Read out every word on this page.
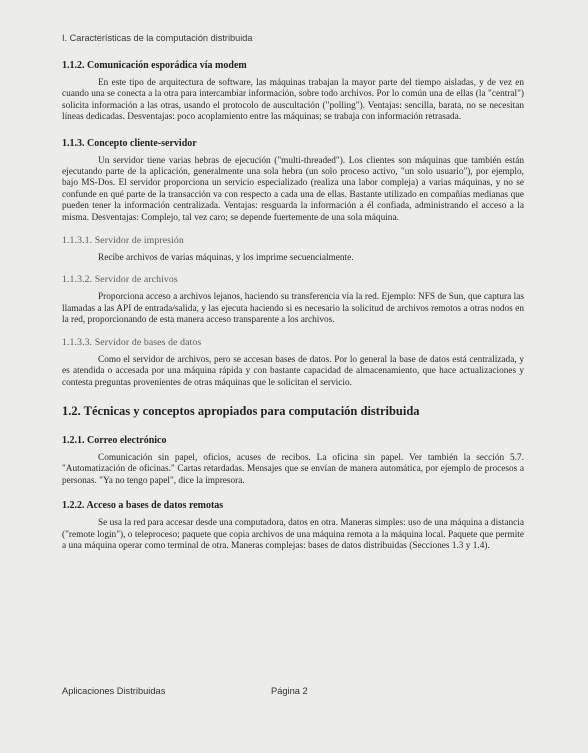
I. Características de la computación distribuida
1.1.2. Comunicación esporádica vía modem

En este tipo de arquitectura de software, las máquinas trabajan la mayor parte del tiempo aisladas, y de vez en cuando una se conecta a la otra para intercambiar información, sobre todo archivos. Por lo común una de ellas (la "central") solicita información a las otras, usando el protocolo de auscultación ("polling"). Ventajas: sencilla, barata, no se necesitan líneas dedicadas. Desventajas: poco acoplamiento entre las máquinas; se trabaja con información retrasada.

1.1.3. Concepto cliente-servidor

Un servidor tiene varias hebras de ejecución ("multi-threaded"). Los clientes son máquinas que también están ejecutando parte de la aplicación, generalmente una sola hebra (un solo proceso activo, "un solo usuario"), por ejemplo, bajo MS-Dos. El servidor proporciona un servicio especializado (realiza una labor compleja) a varias máquinas, y no se confunde en qué parte de la transacción va con respecto a cada una de ellas. Bastante utilizado en compañías medianas que pueden tener la información centralizada. Ventajas: resguarda la información a él confiada, administrando el acceso a la misma. Desventajas: Complejo, tal vez caro; se depende fuertemente de una sola máquina.

1.1.3.1. Servidor de impresión

Recibe archivos de varias máquinas, y los imprime secuencialmente.

1.1.3.2. Servidor de archivos

Proporciona acceso a archivos lejanos, haciendo su transferencia vía la red. Ejemplo: NFS de Sun, que captura las llamadas a las API de entrada/salida, y las ejecuta haciendo si es necesario la solicitud de archivos remotos a otras nodos en la red, proporcionando de esta manera acceso transparente a los archivos.

1.1.3.3. Servidor de bases de datos

Como el servidor de archivos, pero se accesan bases de datos. Por lo general la base de datos está centralizada, y es atendida o accesada por una máquina rápida y con bastante capacidad de almacenamiento, que hace actualizaciones y contesta preguntas provenientes de otras máquinas que le solicitan el servicio.

1.2. Técnicas y conceptos apropiados para computación distribuida
1.2.1. Correo electrónico

Comunicación sin papel, oficios, acuses de recibos. La oficina sin papel. Ver también la sección 5.7. "Automatización de oficinas." Cartas retardadas. Mensajes que se envían de manera automática, por ejemplo de procesos a personas. "Ya no tengo papel", dice la impresora.

1.2.2. Acceso a bases de datos remotas

Se usa la red para accesar desde una computadora, datos en otra. Maneras simples: uso de una máquina a distancia ("remote login"), o teleproceso; paquete que copia archivos de una máquina remota a la máquina local. Paquete que permite a una máquina operar como terminal de otra. Maneras complejas: bases de datos distribuidas (Secciones 1.3 y 1.4).

Aplicaciones Distribuidas	Página 2
